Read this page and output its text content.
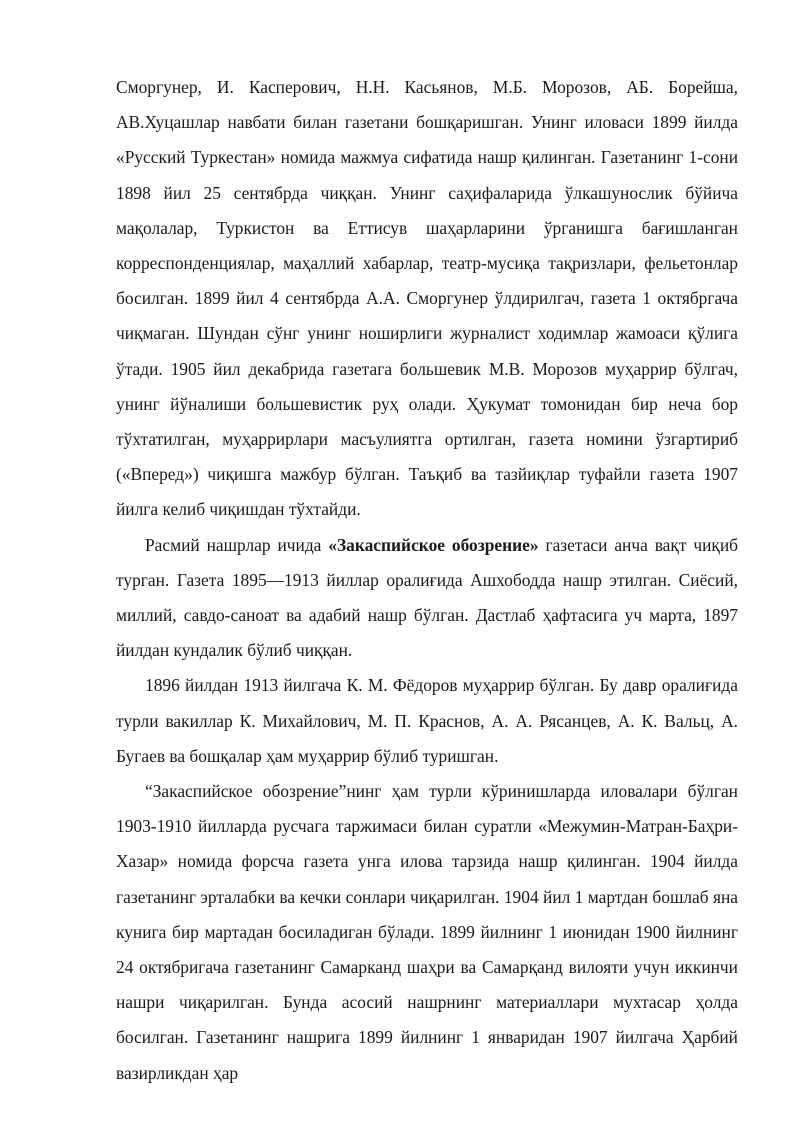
Сморгунер, И. Касперович, Н.Н. Касьянов, М.Б. Морозов, АБ. Борейша, АВ.Хуцашлар навбати билан газетани бошқаришган. Унинг иловаси 1899 йилда «Русский Туркестан» номида мажмуа сифатида нашр қилинган. Газетанинг 1-сони 1898 йил 25 сентябрда чиққан. Унинг саҳифаларида ўлкашунослик бўйича мақолалар, Туркистон ва Еттисув шаҳарларини ўрганишга бағишланган корреспонденциялар, маҳаллий хабарлар, театр-мусиқа тақризлари, фельетонлар босилган. 1899 йил 4 сентябрда А.А. Сморгунер ўлдирилгач, газета 1 октябргача чиқмаган. Шундан сўнг унинг ноширлиги журналист ходимлар жамоаси қўлига ўтади. 1905 йил декабрида газетага большевик М.В. Морозов муҳаррир бўлгач, унинг йўналиши большевистик руҳ олади. Ҳукумат томонидан бир неча бор тўхтатилган, муҳаррирлари масъулиятга ортилган, газета номини ўзгартириб («Вперед») чиқишга мажбур бўлган. Таъқиб ва тазйиқлар туфайли газета 1907 йилга келиб чиқишдан тўхтайди.

Расмий нашрлар ичида «Закаспийское обозрение» газетаси анча вақт чиқиб турган. Газета 1895—1913 йиллар оралиғида Ашхободда нашр этилган. Сиёсий, миллий, савдо-саноат ва адабий нашр бўлган. Дастлаб ҳафтасига уч марта, 1897 йилдан кундалик бўлиб чиққан.

1896 йилдан 1913 йилгача К. М. Фёдоров муҳаррир бўлган. Бу давр оралиғида турли вакиллар К. Михайлович, М. П. Краснов, А. А. Рясанцев, А. К. Вальц, А. Бугаев ва бошқалар ҳам муҳаррир бўлиб туришган.

“Закаспийское обозрение”нинг ҳам турли кўринишларда иловалари бўлган 1903-1910 йилларда русчага таржимаси билан суратли «Межумин-Матран-Баҳри-Хазар» номида форсча газета унга илова тарзида нашр қилинган. 1904 йилда газетанинг эрталабки ва кечки сонлари чиқарилган. 1904 йил 1 мартдан бошлаб яна кунига бир мартадан босиладиган бўлади. 1899 йилнинг 1 июнидан 1900 йилнинг 24 октябригача газетанинг Самарканд шаҳри ва Самарқанд вилояти учун иккинчи нашри чиқарилган. Бунда асосий нашрнинг материаллари мухтасар ҳолда босилган. Газетанинг нашрига 1899 йилнинг 1 январидан 1907 йилгача Ҳарбий вазирликдан ҳар
